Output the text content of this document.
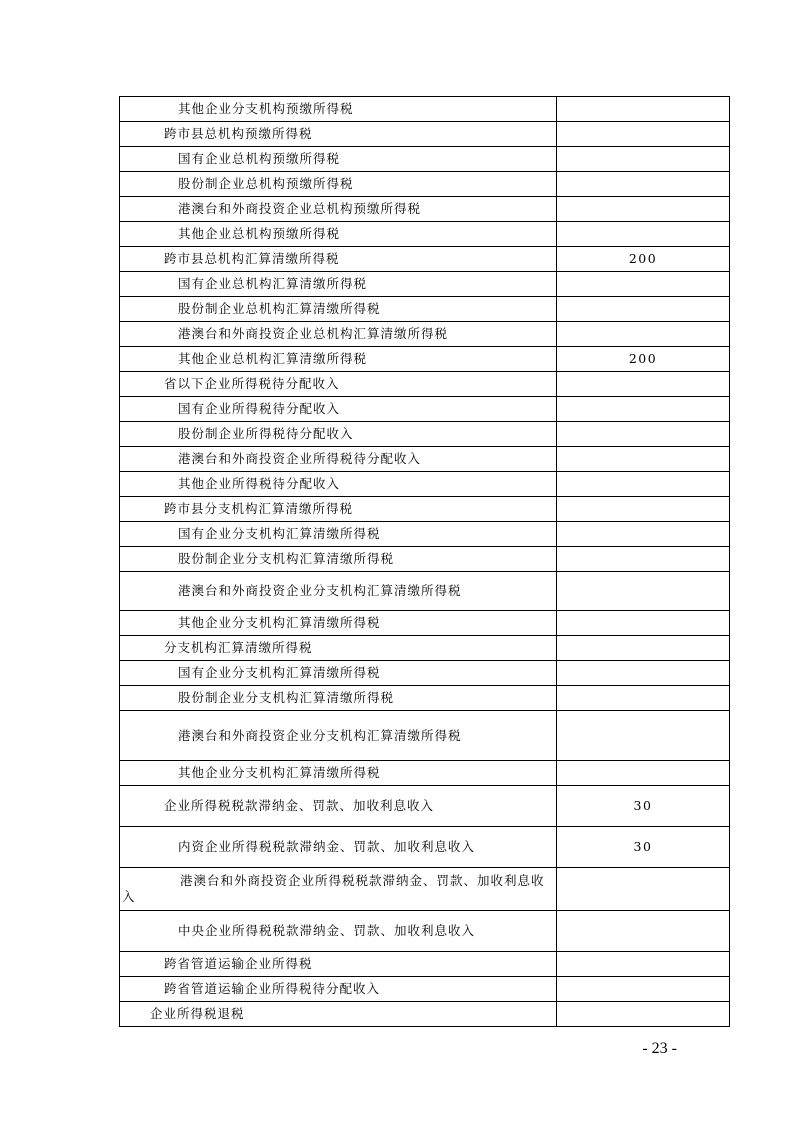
其他企业分支机构预缴所得税	
跨市县总机构预缴所得税	
国有企业总机构预缴所得税	
股份制企业总机构预缴所得税	
港澳台和外商投资企业总机构预缴所得税	
其他企业总机构预缴所得税	
跨市县总机构汇算清缴所得税	200
国有企业总机构汇算清缴所得税	
股份制企业总机构汇算清缴所得税	
港澳台和外商投资企业总机构汇算清缴所得税	
其他企业总机构汇算清缴所得税	200
省以下企业所得税待分配收入	
国有企业所得税待分配收入	
股份制企业所得税待分配收入	
港澳台和外商投资企业所得税待分配收入	
其他企业所得税待分配收入	
跨市县分支机构汇算清缴所得税	
国有企业分支机构汇算清缴所得税	
股份制企业分支机构汇算清缴所得税	
港澳台和外商投资企业分支机构汇算清缴所得税	
其他企业分支机构汇算清缴所得税	
分支机构汇算清缴所得税	
国有企业分支机构汇算清缴所得税	
股份制企业分支机构汇算清缴所得税	
港澳台和外商投资企业分支机构汇算清缴所得税	
其他企业分支机构汇算清缴所得税	
企业所得税税款滞纳金、罚款、加收利息收入	30
内资企业所得税税款滞纳金、罚款、加收利息收入	30
港澳台和外商投资企业所得税税款滞纳金、罚款、加收利息收入	
中央企业所得税税款滞纳金、罚款、加收利息收入	
跨省管道运输企业所得税	
跨省管道运输企业所得税待分配收入	
企业所得税退税	
- 23 -
